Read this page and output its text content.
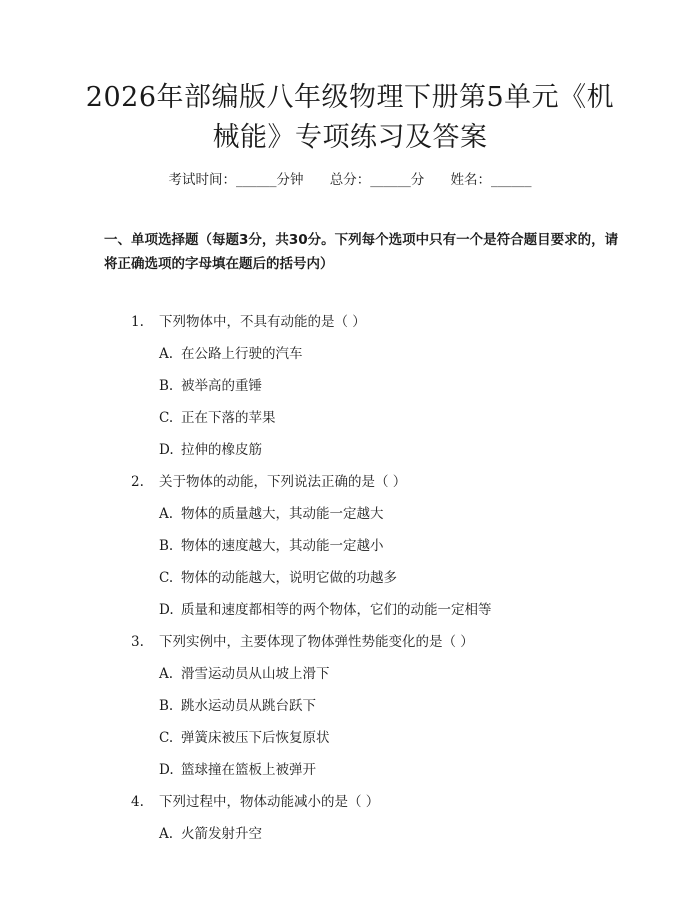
2026年部编版八年级物理下册第5单元《机械能》专项练习及答案
考试时间：______分钟 总分：______分 姓名：______

一、单项选择题（每题3分，共30分。下列每个选项中只有一个是符合题目要求的，请将正确选项的字母填在题后的括号内）

1. 下列物体中，不具有动能的是（ ）
A. 在公路上行驶的汽车
B. 被举高的重锤
C. 正在下落的苹果
D. 拉伸的橡皮筋
2. 关于物体的动能，下列说法正确的是（ ）
A. 物体的质量越大，其动能一定越大
B. 物体的速度越大，其动能一定越小
C. 物体的动能越大，说明它做的功越多
D. 质量和速度都相等的两个物体，它们的动能一定相等
3. 下列实例中，主要体现了物体弹性势能变化的是（ ）
A. 滑雪运动员从山坡上滑下
B. 跳水运动员从跳台跃下
C. 弹簧床被压下后恢复原状
D. 篮球撞在篮板上被弹开
4. 下列过程中，物体动能减小的是（ ）
A. 火箭发射升空
